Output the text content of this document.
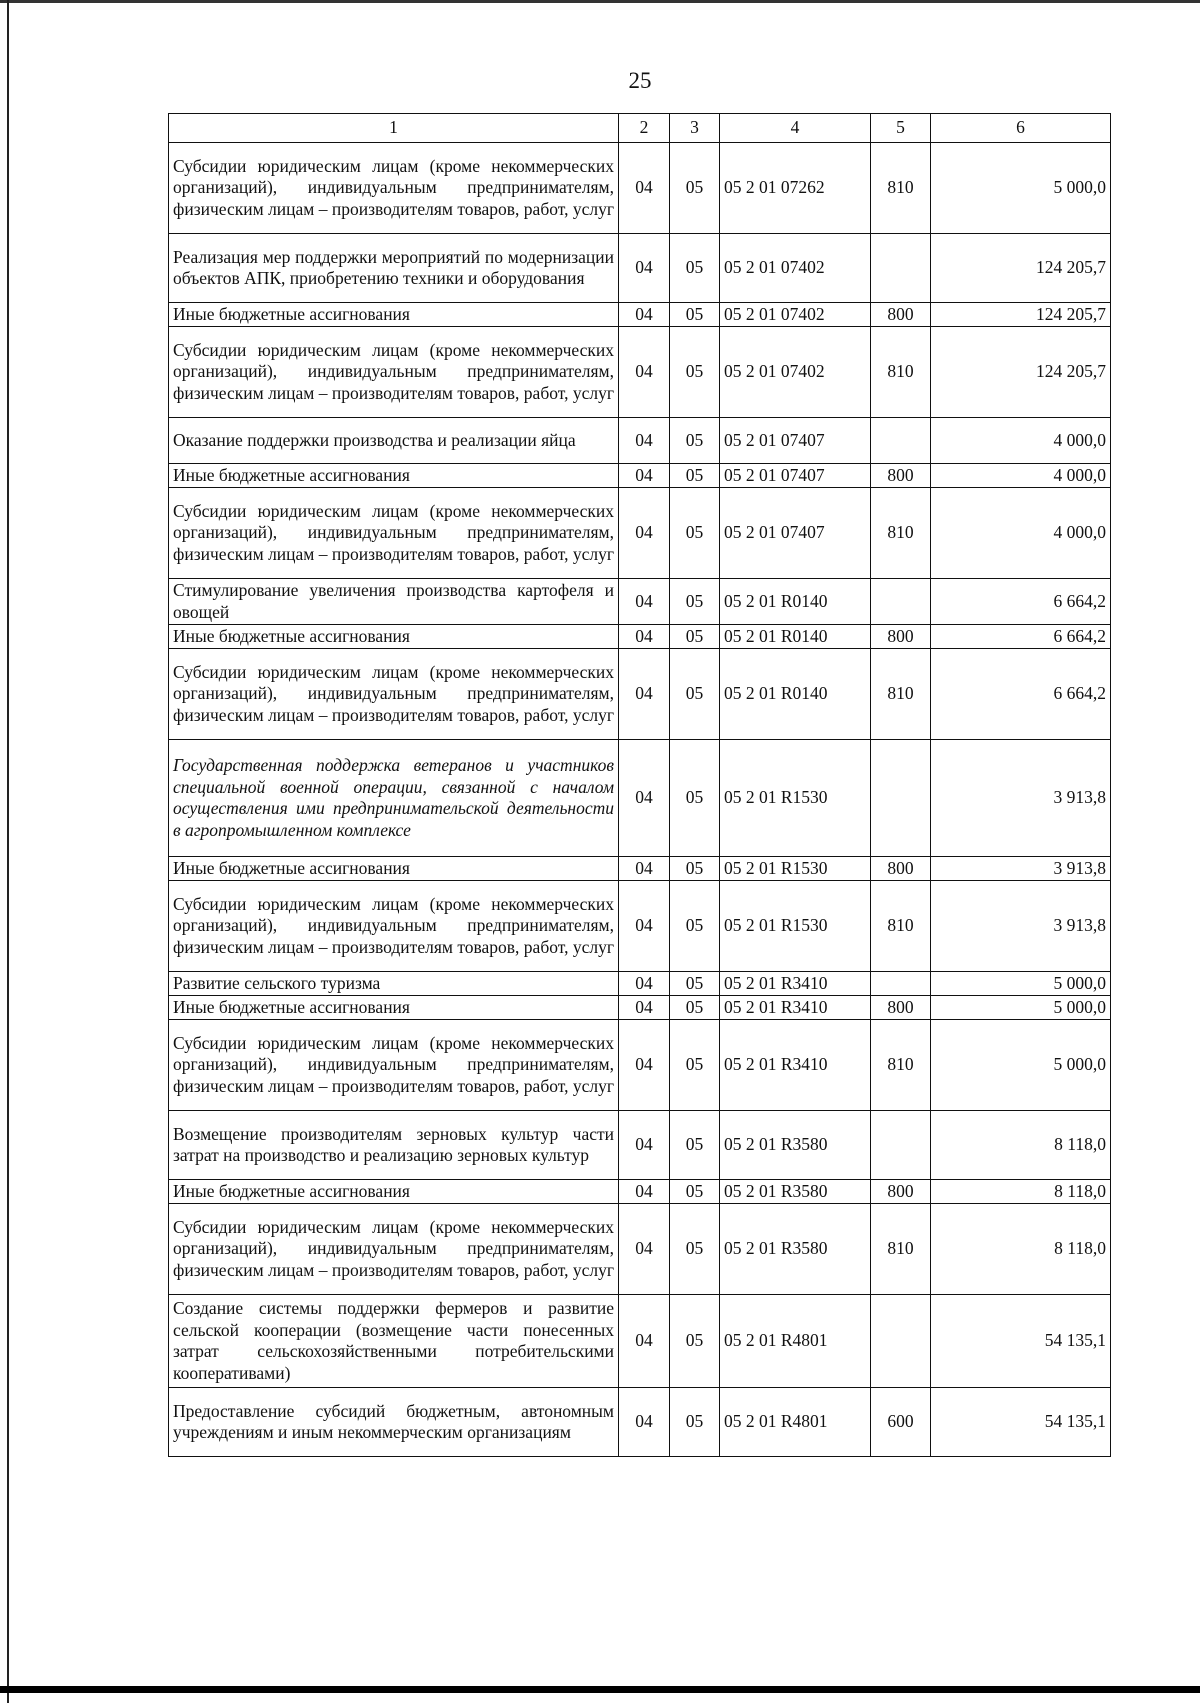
25
1	2	3	4	5	6
Субсидии юридическим лицам (кроме некоммерческих организаций), индивидуальным предпринимателям, физическим лицам – производителям товаров, работ, услуг	04	05	05 2 01 07262	810	5 000,0
Реализация мер поддержки мероприятий по модернизации объектов АПК, приобретению техники и оборудования	04	05	05 2 01 07402		124 205,7
Иные бюджетные ассигнования	04	05	05 2 01 07402	800	124 205,7
Субсидии юридическим лицам (кроме некоммерческих организаций), индивидуальным предпринимателям, физическим лицам – производителям товаров, работ, услуг	04	05	05 2 01 07402	810	124 205,7
Оказание поддержки производства и реализации яйца	04	05	05 2 01 07407		4 000,0
Иные бюджетные ассигнования	04	05	05 2 01 07407	800	4 000,0
Субсидии юридическим лицам (кроме некоммерческих организаций), индивидуальным предпринимателям, физическим лицам – производителям товаров, работ, услуг	04	05	05 2 01 07407	810	4 000,0
Стимулирование увеличения производства картофеля и овощей	04	05	05 2 01 R0140		6 664,2
Иные бюджетные ассигнования	04	05	05 2 01 R0140	800	6 664,2
Субсидии юридическим лицам (кроме некоммерческих организаций), индивидуальным предпринимателям, физическим лицам – производителям товаров, работ, услуг	04	05	05 2 01 R0140	810	6 664,2
Государственная поддержка ветеранов и участников специальной военной операции, связанной с началом осуществления ими предпринимательской деятельности в агропромышленном комплексе	04	05	05 2 01 R1530		3 913,8
Иные бюджетные ассигнования	04	05	05 2 01 R1530	800	3 913,8
Субсидии юридическим лицам (кроме некоммерческих организаций), индивидуальным предпринимателям, физическим лицам – производителям товаров, работ, услуг	04	05	05 2 01 R1530	810	3 913,8
Развитие сельского туризма	04	05	05 2 01 R3410		5 000,0
Иные бюджетные ассигнования	04	05	05 2 01 R3410	800	5 000,0
Субсидии юридическим лицам (кроме некоммерческих организаций), индивидуальным предпринимателям, физическим лицам – производителям товаров, работ, услуг	04	05	05 2 01 R3410	810	5 000,0
Возмещение производителям зерновых культур части затрат на производство и реализацию зерновых культур	04	05	05 2 01 R3580		8 118,0
Иные бюджетные ассигнования	04	05	05 2 01 R3580	800	8 118,0
Субсидии юридическим лицам (кроме некоммерческих организаций), индивидуальным предпринимателям, физическим лицам – производителям товаров, работ, услуг	04	05	05 2 01 R3580	810	8 118,0
Создание системы поддержки фермеров и развитие сельской кооперации (возмещение части понесенных затрат сельскохозяйственными потребительскими кооперативами)	04	05	05 2 01 R4801		54 135,1
Предоставление субсидий бюджетным, автономным учреждениям и иным некоммерческим организациям	04	05	05 2 01 R4801	600	54 135,1
